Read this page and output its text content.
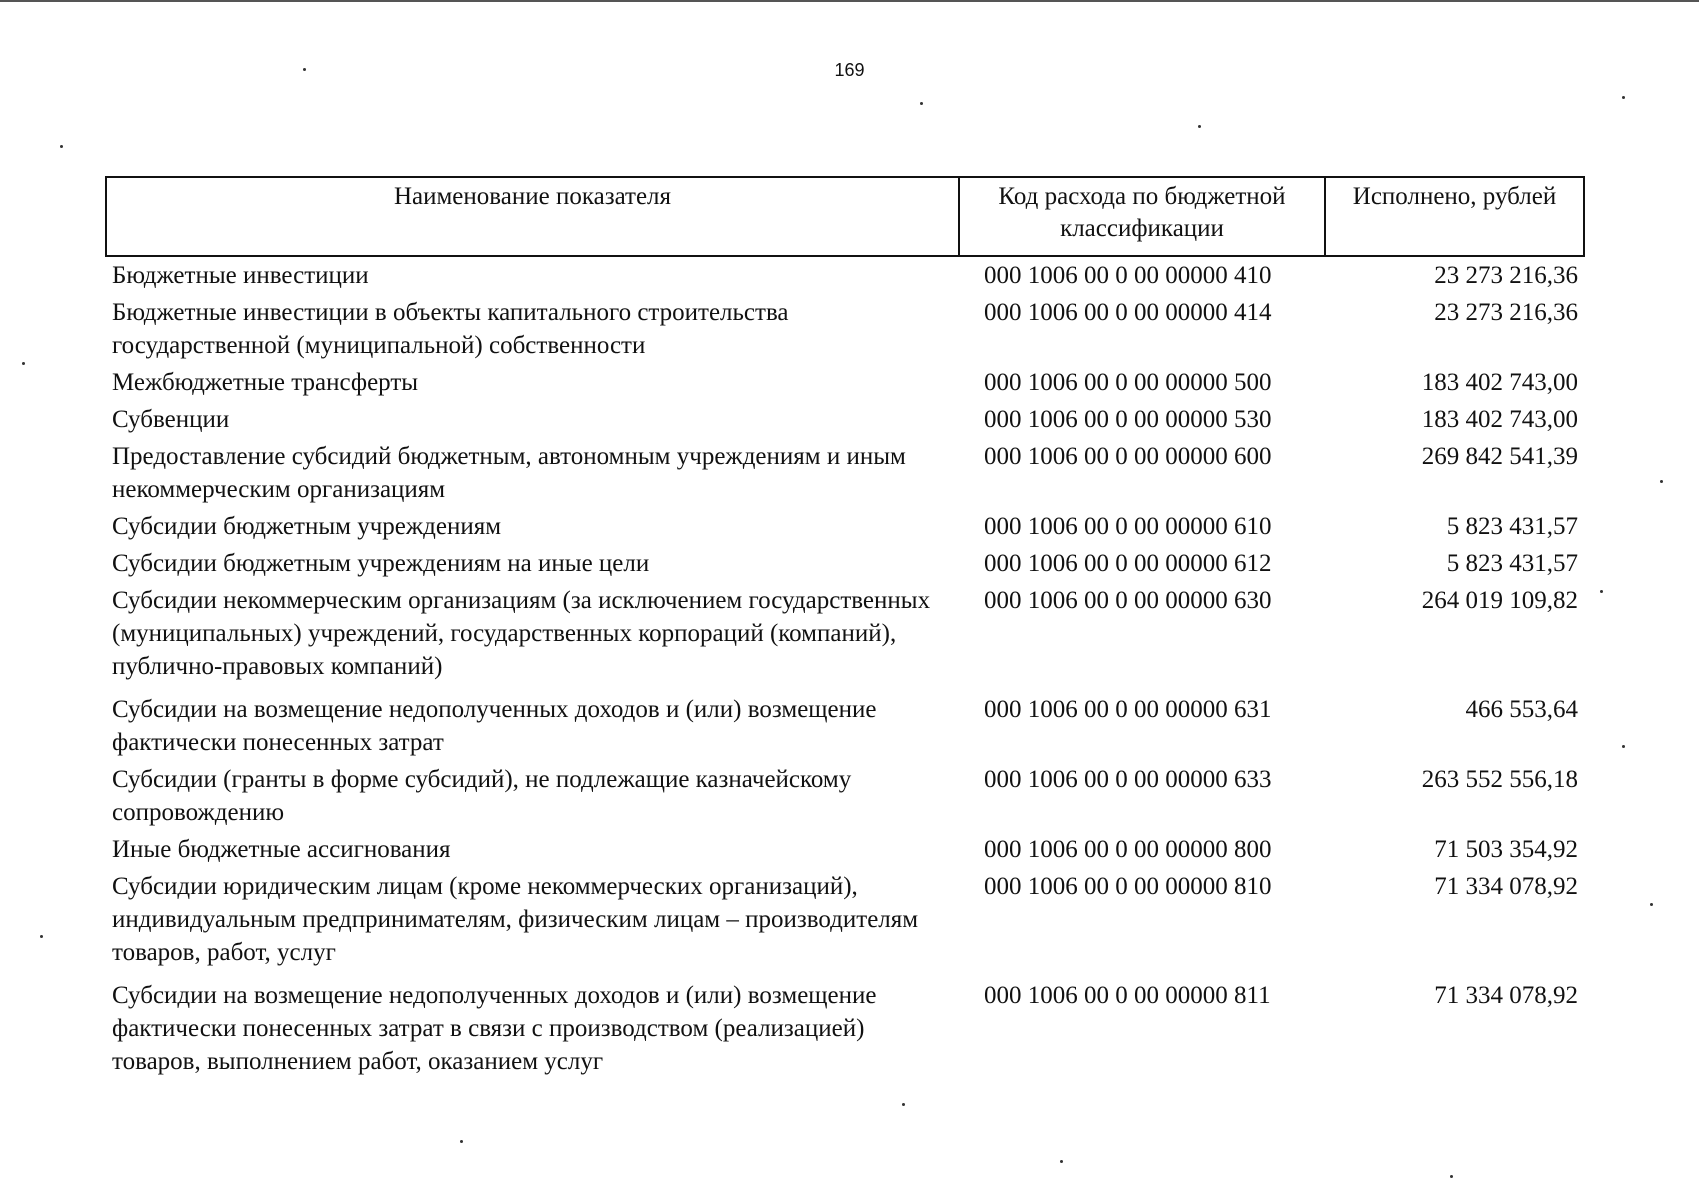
169
Наименование показателя	Код расхода по бюджетной классификации	Исполнено, рублей
Бюджетные инвестиции	000 1006 00 0 00 00000 410	23 273 216,36
Бюджетные инвестиции в объекты капитального строительства государственной (муниципальной) собственности	000 1006 00 0 00 00000 414	23 273 216,36
Межбюджетные трансферты	000 1006 00 0 00 00000 500	183 402 743,00
Субвенции	000 1006 00 0 00 00000 530	183 402 743,00
Предоставление субсидий бюджетным, автономным учреждениям и иным некоммерческим организациям	000 1006 00 0 00 00000 600	269 842 541,39
Субсидии бюджетным учреждениям	000 1006 00 0 00 00000 610	5 823 431,57
Субсидии бюджетным учреждениям на иные цели	000 1006 00 0 00 00000 612	5 823 431,57
Субсидии некоммерческим организациям (за исключением государственных (муниципальных) учреждений, государственных корпораций (компаний), публично-правовых компаний)	000 1006 00 0 00 00000 630	264 019 109,82
Субсидии на возмещение недополученных доходов и (или) возмещение фактически понесенных затрат	000 1006 00 0 00 00000 631	466 553,64
Субсидии (гранты в форме субсидий), не подлежащие казначейскому сопровождению	000 1006 00 0 00 00000 633	263 552 556,18
Иные бюджетные ассигнования	000 1006 00 0 00 00000 800	71 503 354,92
Субсидии юридическим лицам (кроме некоммерческих организаций), индивидуальным предпринимателям, физическим лицам – производителям товаров, работ, услуг	000 1006 00 0 00 00000 810	71 334 078,92
Субсидии на возмещение недополученных доходов и (или) возмещение фактически понесенных затрат в связи с производством (реализацией) товаров, выполнением работ, оказанием услуг	000 1006 00 0 00 00000 811	71 334 078,92
